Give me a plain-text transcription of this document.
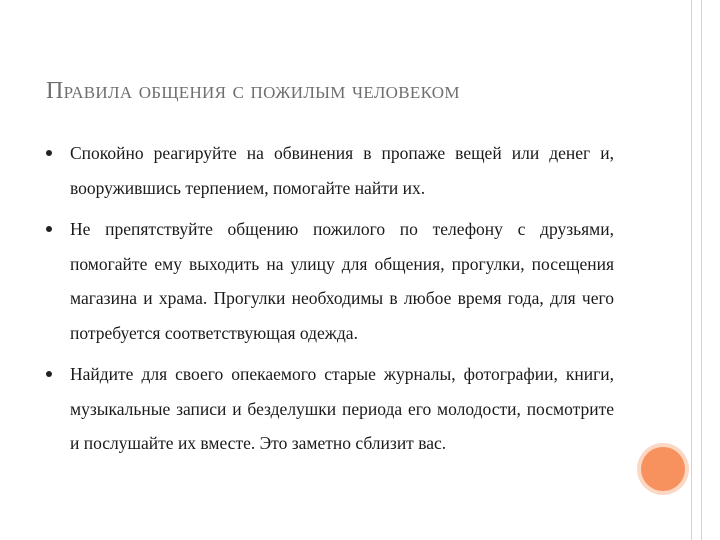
Правила общения с пожилым человеком
Спокойно реагируйте на обвинения в пропаже вещей или денег и, вооружившись терпением, помогайте найти их.
Не препятствуйте общению пожилого по телефону с друзьями, помогайте ему выходить на улицу для общения, прогулки, посещения магазина и храма. Прогулки необходимы в любое время года, для чего потребуется соответствующая одежда.
Найдите для своего опекаемого старые журналы, фотографии, книги, музыкальные записи и безделушки периода его молодости, посмотрите и послушайте их вместе. Это заметно сблизит вас.
